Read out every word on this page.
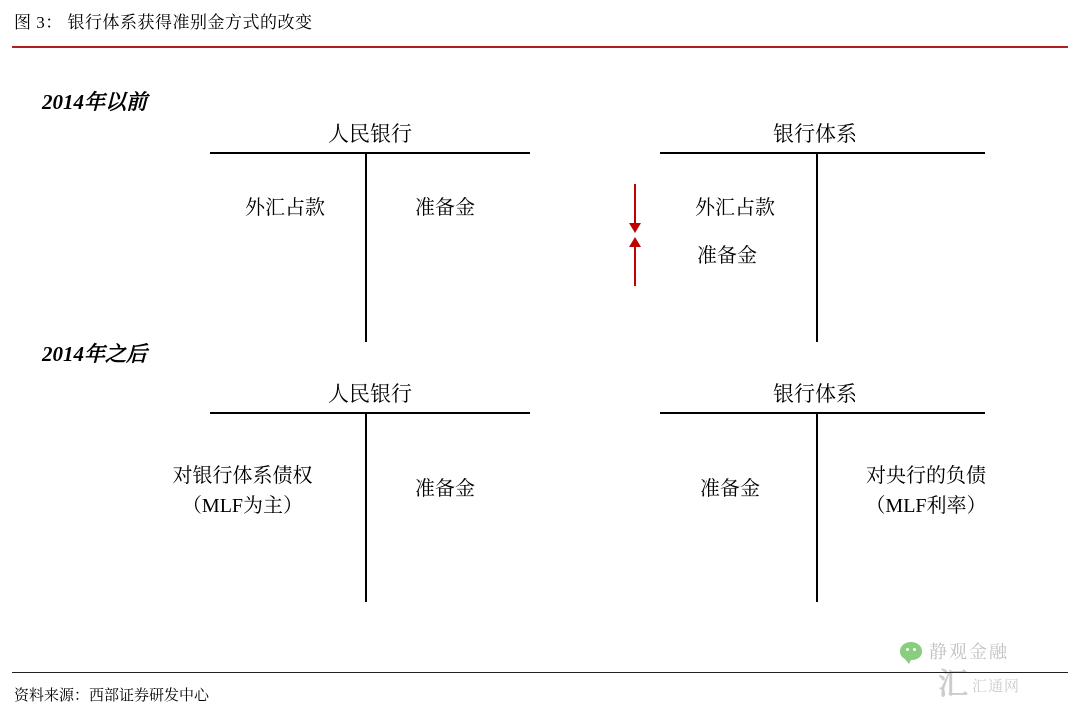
图 3： 银行体系获得准别金方式的改变
2014年以前
人民银行
外汇占款	准备金
银行体系
外汇占款
准备金
2014年之后
人民银行
对银行体系债权
（MLF为主）
准备金
银行体系
准备金
对央行的负债
（MLF利率）
静观金融
汇 汇通网
资料来源：西部证券研发中心
